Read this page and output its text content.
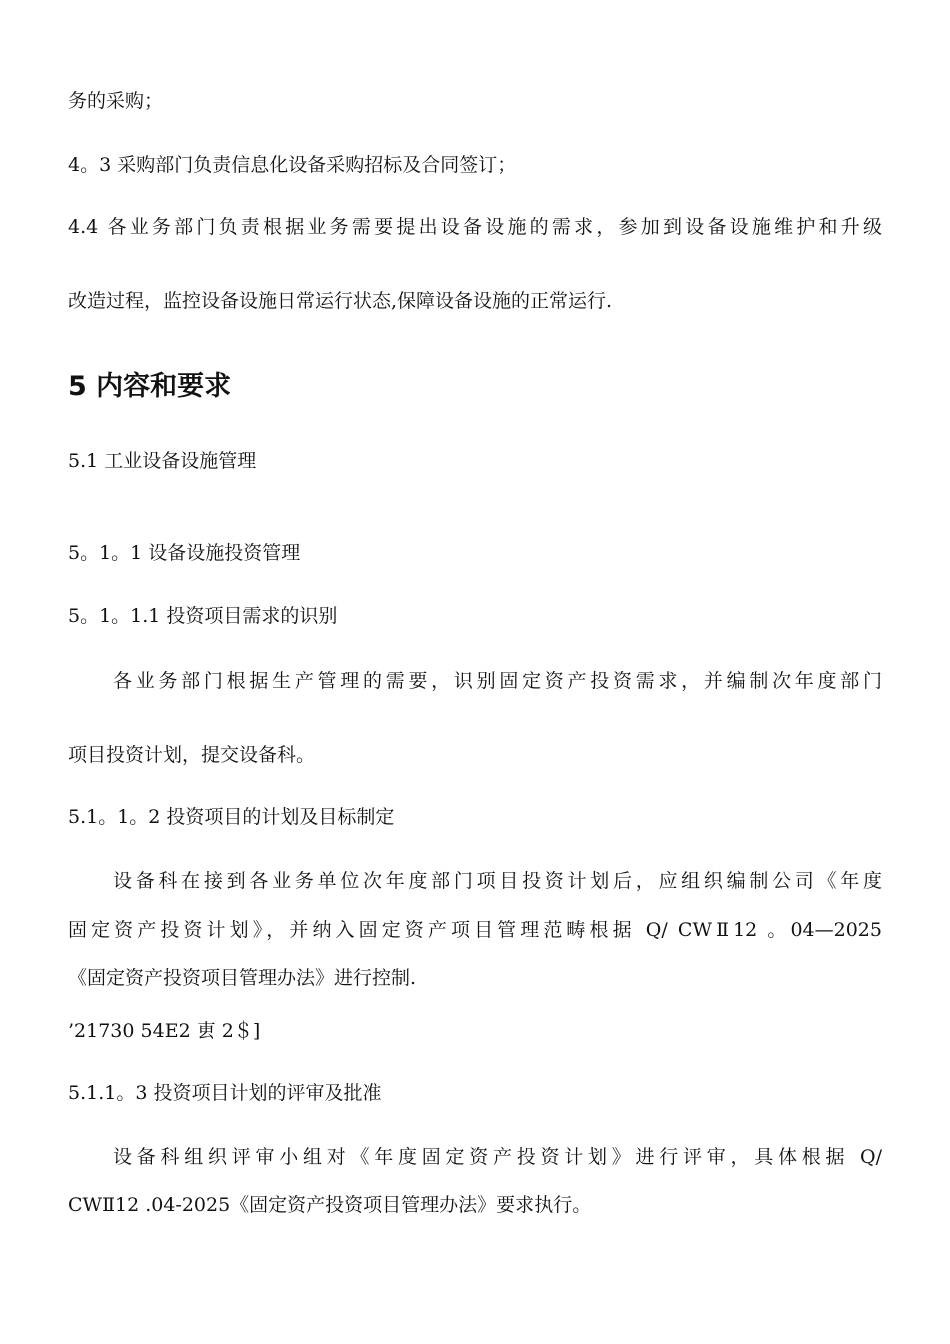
务的采购；
4。3 采购部门负责信息化设备采购招标及合同签订；
4.4 各业务部门负责根据业务需要提出设备设施的需求，参加到设备设施维护和升级
改造过程，监控设备设施日常运行状态,保障设备设施的正常运行.
5 内容和要求
5.1 工业设备设施管理
5。1。1 设备设施投资管理
5。1。1.1 投资项目需求的识别
各业务部门根据生产管理的需要，识别固定资产投资需求，并编制次年度部门
项目投资计划，提交设备科。
5.1。1。2 投资项目的计划及目标制定
设备科在接到各业务单位次年度部门项目投资计划后，应组织编制公司《年度
固定资产投资计划》，并纳入固定资产项目管理范畴根据 Q/ CWⅡ12 。04—2025
《固定资产投资项目管理办法》进行控制.
’21730 54E2 叀 2＄]
5.1.1。3 投资项目计划的评审及批准
设备科组织评审小组对《年度固定资产投资计划》进行评审，具体根据 Q/
CWⅡ12 .04-2025《固定资产投资项目管理办法》要求执行。
